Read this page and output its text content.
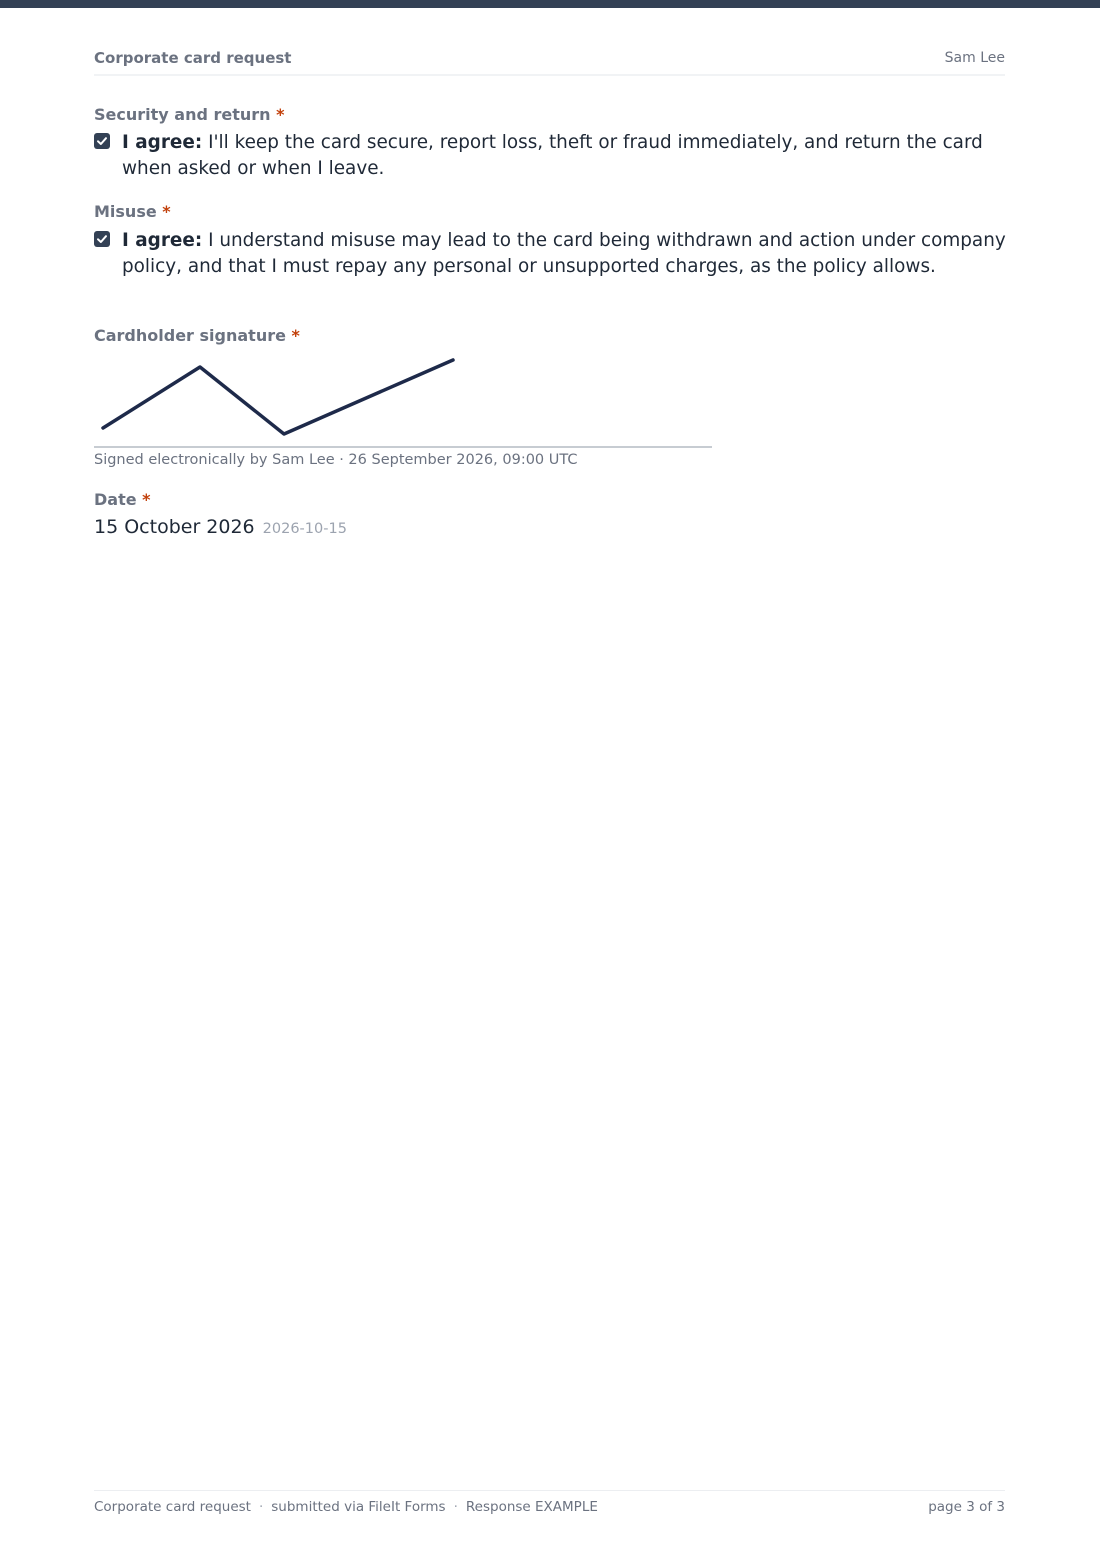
Corporate card request	Sam Lee
Security and return *
I agree: I'll keep the card secure, report loss, theft or fraud immediately, and return the card when asked or when I leave.
Misuse *
I agree: I understand misuse may lead to the card being withdrawn and action under company policy, and that I must repay any personal or unsupported charges, as the policy allows.
Cardholder signature *
Signed electronically by Sam Lee · 26 September 2026, 09:00 UTC
Date *
15 October 2026 2026-10-15
Corporate card request · submitted via FileIt Forms · Response EXAMPLE	page 3 of 3
